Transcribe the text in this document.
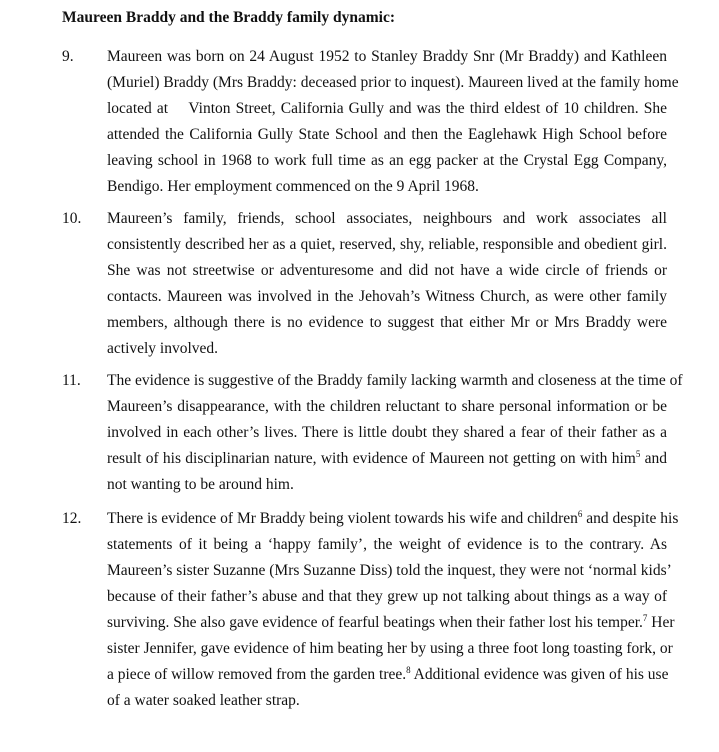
Maureen Braddy and the Braddy family dynamic:
9. Maureen was born on 24 August 1952 to Stanley Braddy Snr (Mr Braddy) and Kathleen
(Muriel) Braddy (Mrs Braddy: deceased prior to inquest). Maureen lived at the family home
located at    Vinton Street, California Gully and was the third eldest of 10 children. She
attended the California Gully State School and then the Eaglehawk High School before
leaving school in 1968 to work full time as an egg packer at the Crystal Egg Company,
Bendigo. Her employment commenced on the 9 April 1968.
10. Maureen’s family, friends, school associates, neighbours and work associates all
consistently described her as a quiet, reserved, shy, reliable, responsible and obedient girl.
She was not streetwise or adventuresome and did not have a wide circle of friends or
contacts. Maureen was involved in the Jehovah’s Witness Church, as were other family
members, although there is no evidence to suggest that either Mr or Mrs Braddy were
actively involved.
11. The evidence is suggestive of the Braddy family lacking warmth and closeness at the time of
Maureen’s disappearance, with the children reluctant to share personal information or be
involved in each other’s lives. There is little doubt they shared a fear of their father as a
result of his disciplinarian nature, with evidence of Maureen not getting on with him$^5$ and
not wanting to be around him.
12. There is evidence of Mr Braddy being violent towards his wife and children$^6$ and despite his
statements of it being a ‘happy family’, the weight of evidence is to the contrary. As
Maureen’s sister Suzanne (Mrs Suzanne Diss) told the inquest, they were not ‘normal kids’
because of their father’s abuse and that they grew up not talking about things as a way of
surviving. She also gave evidence of fearful beatings when their father lost his temper.$^7$ Her
sister Jennifer, gave evidence of him beating her by using a three foot long toasting fork, or
a piece of willow removed from the garden tree.$^8$ Additional evidence was given of his use
of a water soaked leather strap.
